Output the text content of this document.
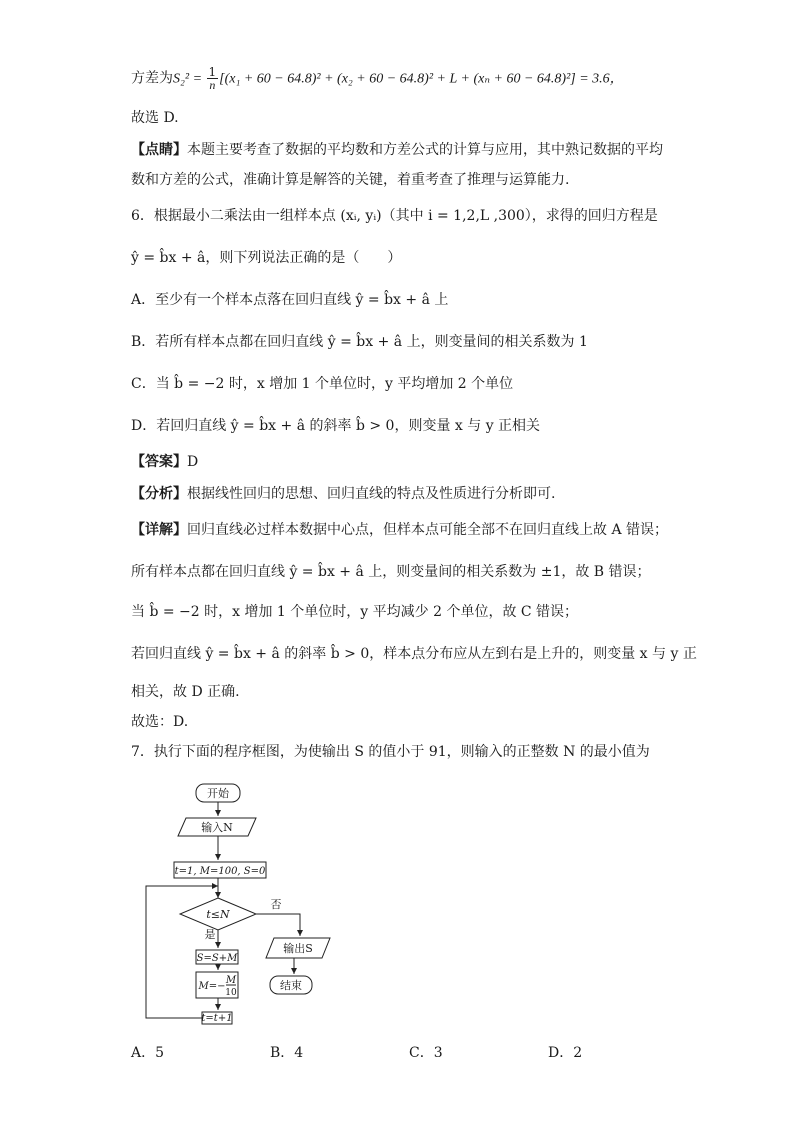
方差为$S_2^2 = \frac{1}{n} [(x_1 + 60 - 64.8)^2 + (x_2 + 60 - 64.8)^2 + L + (x_n + 60 - 64.8)^2] = 3.6$，
故选 D.
【点睛】本题主要考查了数据的平均数和方差公式的计算与应用，其中熟记数据的平均
数和方差的公式，准确计算是解答的关键，着重考查了推理与运算能力.
6．根据最小二乘法由一组样本点 (xᵢ, yᵢ)（其中 i = 1,2,L ,300），求得的回归方程是
ŷ = b̂x + â，则下列说法正确的是（　　）
A．至少有一个样本点落在回归直线 ŷ = b̂x + â 上
B．若所有样本点都在回归直线 ŷ = b̂x + â 上，则变量间的相关系数为 1
C．当 b̂ = −2 时，x 增加 1 个单位时，y 平均增加 2 个单位
D．若回归直线 ŷ = b̂x + â 的斜率 b̂ > 0，则变量 x 与 y 正相关
【答案】D
【分析】根据线性回归的思想、回归直线的特点及性质进行分析即可.
【详解】回归直线必过样本数据中心点，但样本点可能全部不在回归直线上故 A 错误；
所有样本点都在回归直线 ŷ = b̂x + â 上，则变量间的相关系数为 ±1，故 B 错误；
当 b̂ = −2 时，x 增加 1 个单位时，y 平均减少 2 个单位，故 C 错误；
若回归直线 ŷ = b̂x + â 的斜率 b̂ > 0，样本点分布应从左到右是上升的，则变量 x 与 y 正
相关，故 D 正确.
故选：D.
7．执行下面的程序框图，为使输出 S 的值小于 91，则输入的正整数 N 的最小值为
开始
输入N
t=1, M=100, S=0
t≤N
否
是
S=S+M
M=−
M
10
t=t+1
输出S
结束
A．5	B．4	C．3	D．2
